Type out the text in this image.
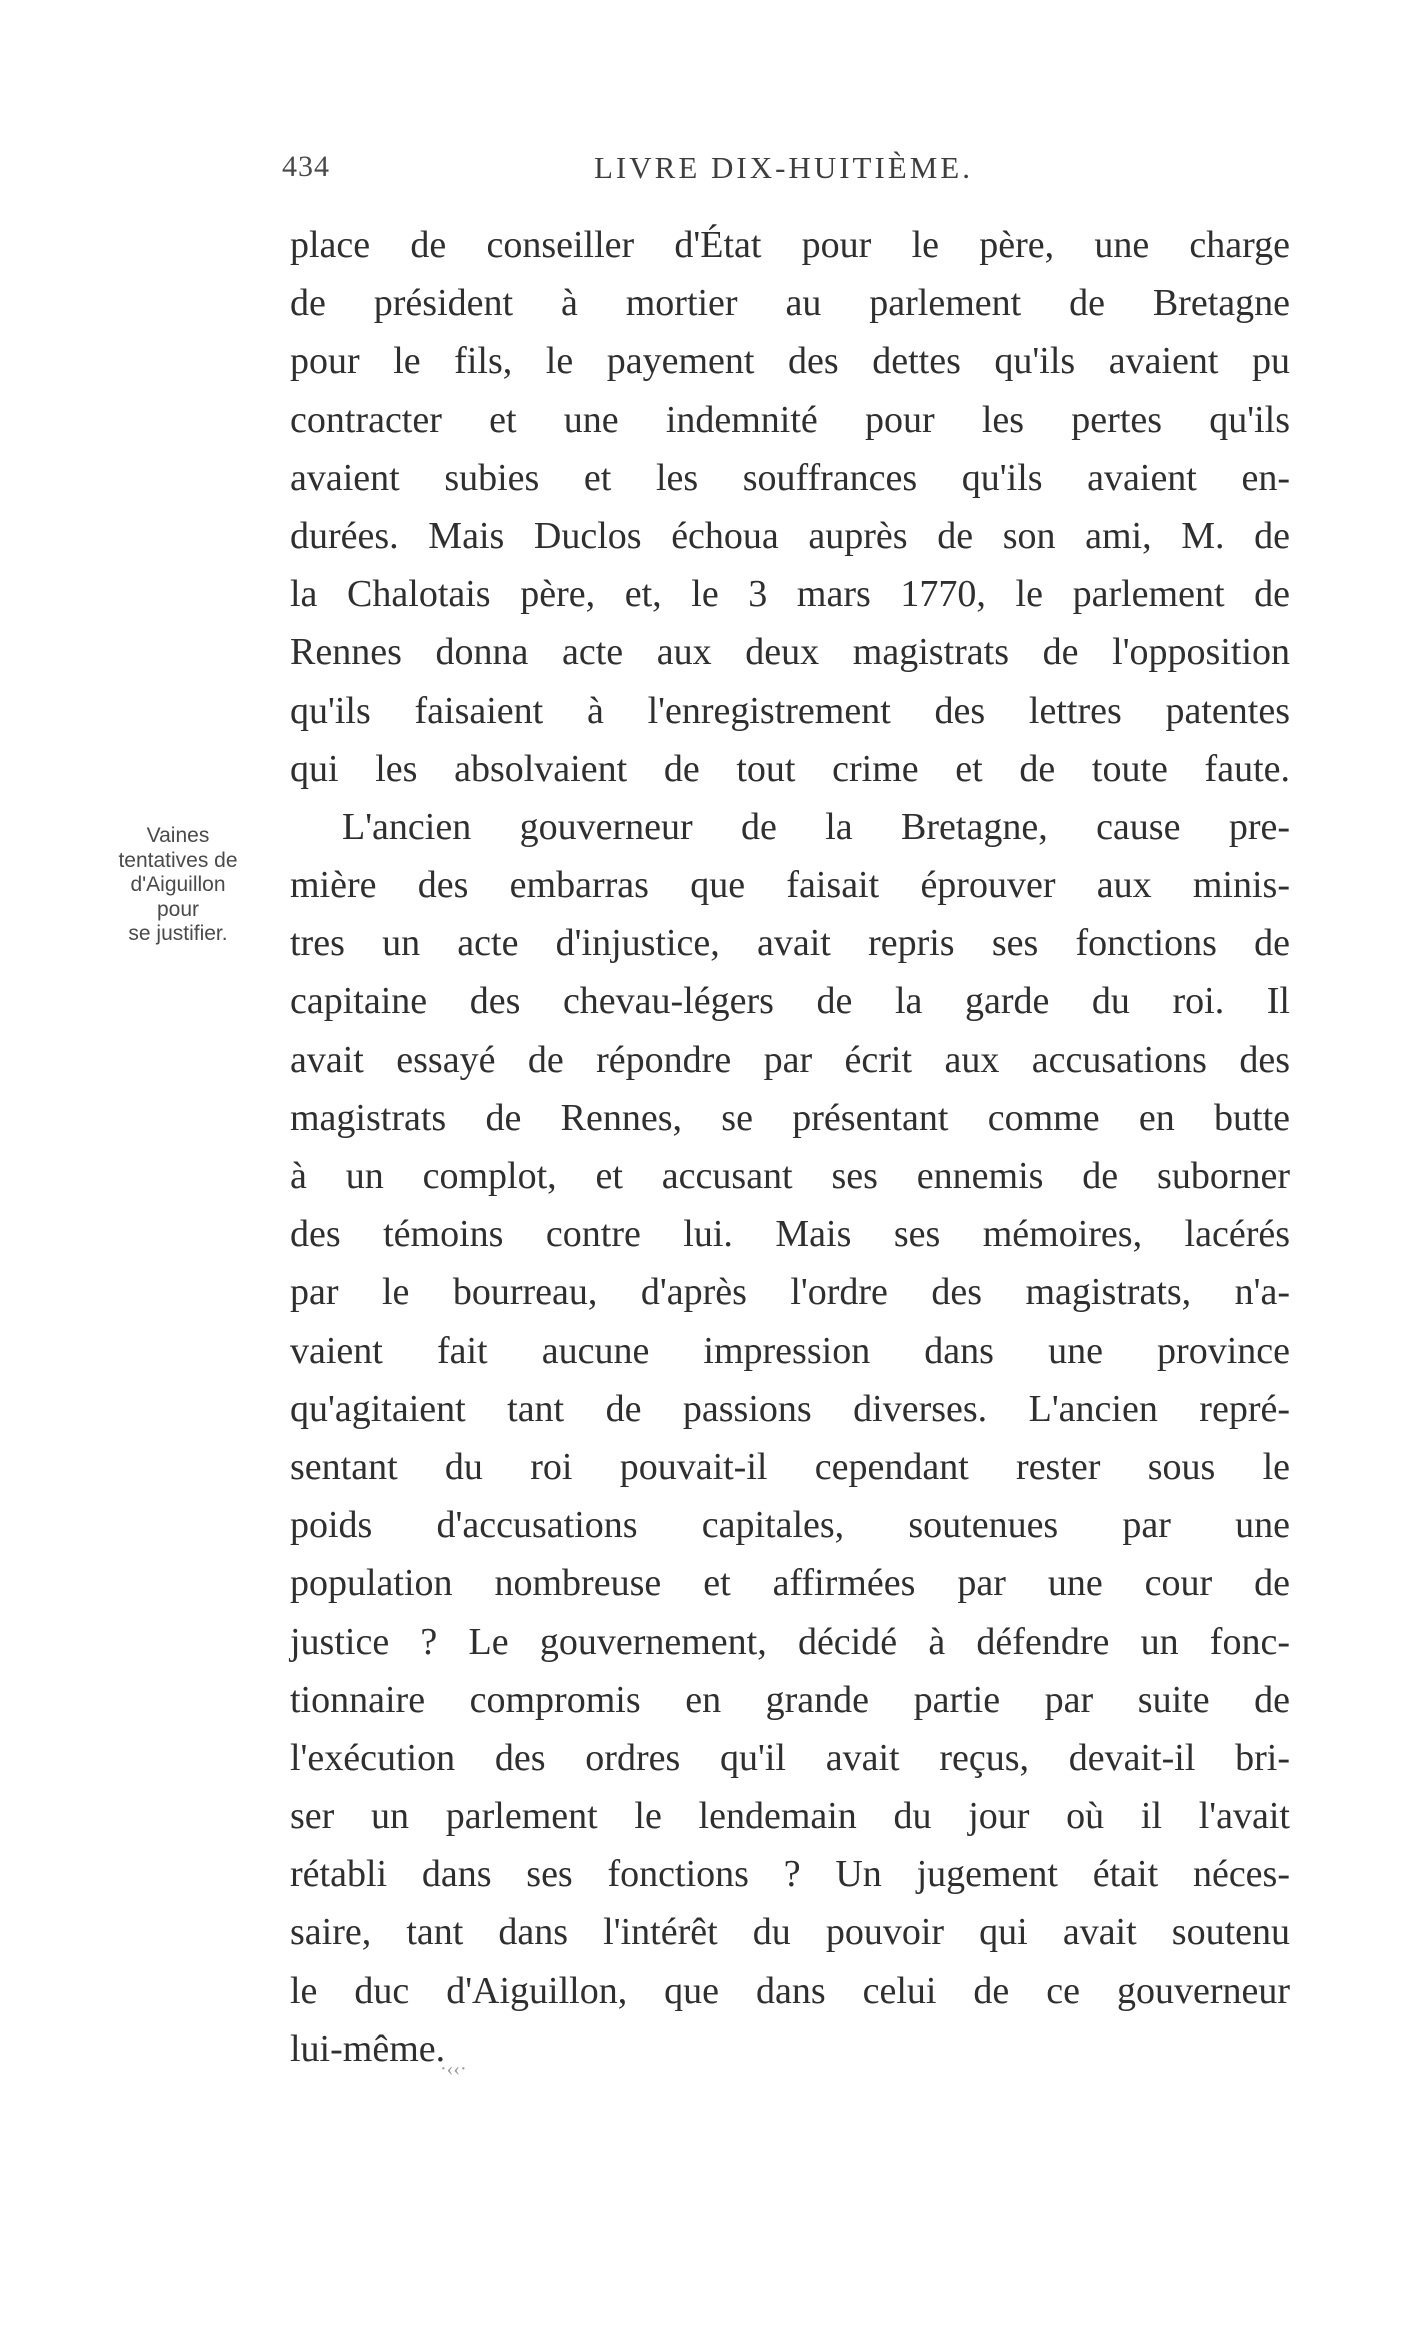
434	LIVRE DIX-HUITIÈME.
Vaines
tentatives de
d'Aiguillon
pour
se justifier.
place de conseiller d'État pour le père, une charge
de président à mortier au parlement de Bretagne
pour le fils, le payement des dettes qu'ils avaient pu
contracter et une indemnité pour les pertes qu'ils
avaient subies et les souffrances qu'ils avaient en-
durées. Mais Duclos échoua auprès de son ami, M. de
la Chalotais père, et, le 3 mars 1770, le parlement de
Rennes donna acte aux deux magistrats de l'opposition
qu'ils faisaient à l'enregistrement des lettres patentes
qui les absolvaient de tout crime et de toute faute.
L'ancien gouverneur de la Bretagne, cause pre-
mière des embarras que faisait éprouver aux minis-
tres un acte d'injustice, avait repris ses fonctions de
capitaine des chevau-légers de la garde du roi. Il
avait essayé de répondre par écrit aux accusations des
magistrats de Rennes, se présentant comme en butte
à un complot, et accusant ses ennemis de suborner
des témoins contre lui. Mais ses mémoires, lacérés
par le bourreau, d'après l'ordre des magistrats, n'a-
vaient fait aucune impression dans une province
qu'agitaient tant de passions diverses. L'ancien repré-
sentant du roi pouvait-il cependant rester sous le
poids d'accusations capitales, soutenues par une
population nombreuse et affirmées par une cour de
justice ? Le gouvernement, décidé à défendre un fonc-
tionnaire compromis en grande partie par suite de
l'exécution des ordres qu'il avait reçus, devait-il bri-
ser un parlement le lendemain du jour où il l'avait
rétabli dans ses fonctions ? Un jugement était néces-
saire, tant dans l'intérêt du pouvoir qui avait soutenu
le duc d'Aiguillon, que dans celui de ce gouverneur
lui-même.
·‹‹·
